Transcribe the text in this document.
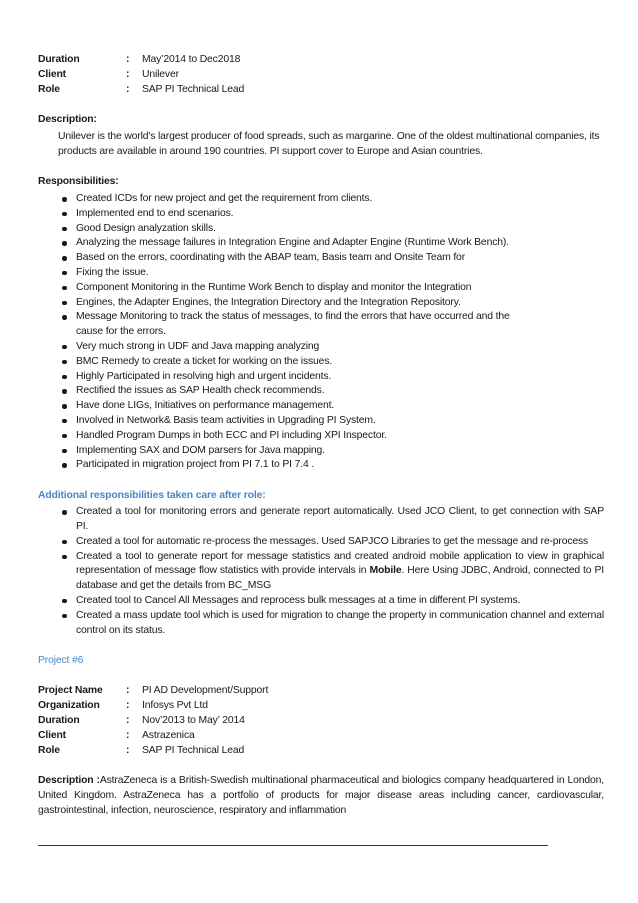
Duration	:	May’2014 to Dec2018
Client	:	Unilever
Role	:	SAP PI Technical Lead
Description:
Unilever is the world's largest producer of food spreads, such as margarine. One of the oldest multinational companies, its products are available in around 190 countries. PI support cover to Europe and Asian countries.
Responsibilities:
Created ICDs for new project and get the requirement from clients.
Implemented end to end scenarios.
Good Design analyzation skills.
Analyzing the message failures in Integration Engine and Adapter Engine (Runtime Work Bench).
Based on the errors, coordinating with the ABAP team, Basis team and Onsite Team for
Fixing the issue.
Component Monitoring in the Runtime Work Bench to display and monitor the Integration
Engines, the Adapter Engines, the Integration Directory and the Integration Repository.
Message Monitoring to track the status of messages, to find the errors that have occurred and the cause for the errors.
Very much strong in UDF and Java mapping analyzing
BMC Remedy to create a ticket for working on the issues.
Highly Participated in resolving high and urgent incidents.
Rectified the issues as SAP Health check recommends.
Have done LIGs, Initiatives on performance management.
Involved in Network& Basis team activities in Upgrading PI System.
Handled Program Dumps in both ECC and PI including XPI Inspector.
Implementing SAX and DOM parsers for Java mapping.
Participated in migration project from PI 7.1 to PI 7.4 .
Additional responsibilities taken care after role:
Created a tool for monitoring errors and generate report automatically. Used JCO Client, to get connection with SAP PI.
Created a tool for automatic re-process the messages. Used SAPJCO Libraries to get the message and re-process
Created a tool to generate report for message statistics and created android mobile application to view in graphical representation of message flow statistics with provide intervals in Mobile. Here Using JDBC, Android, connected to PI database and get the details from BC_MSG
Created tool to Cancel All Messages and reprocess bulk messages at a time in different PI systems.
Created a mass update tool which is used for migration to change the property in communication channel and external control on its status.
Project #6
Project Name	:	PI AD Development/Support
Organization	:	Infosys Pvt Ltd
Duration	:	Nov’2013 to May’ 2014
Client	:	Astrazenica
Role	:	SAP PI Technical Lead
Description :AstraZeneca is a British-Swedish multinational pharmaceutical and biologics company headquartered in London, United Kingdom. AstraZeneca has a portfolio of products for major disease areas including cancer, cardiovascular, gastrointestinal, infection, neuroscience, respiratory and inflammation
